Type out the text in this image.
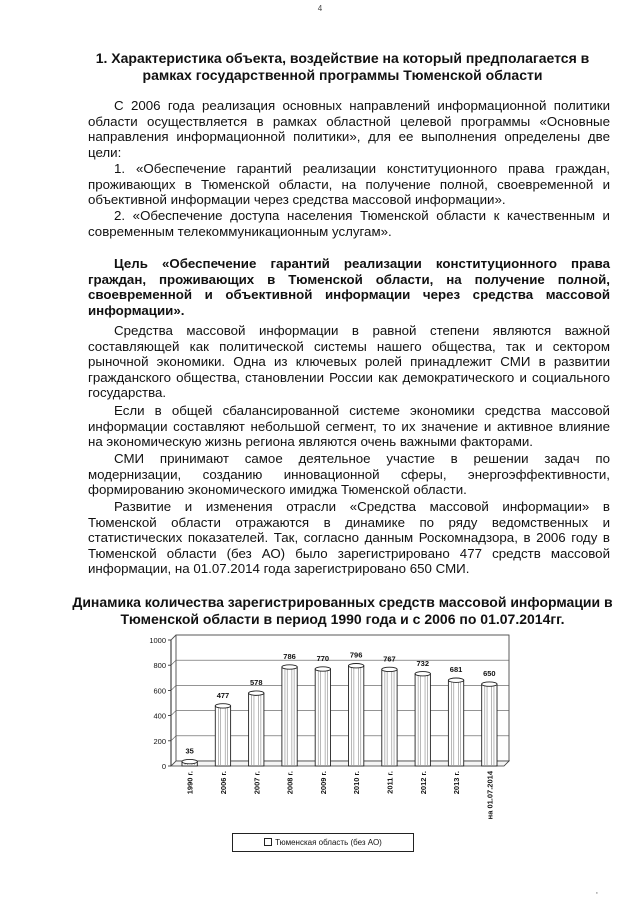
4
1. Характеристика объекта, воздействие на который предполагается в рамках государственной программы Тюменской области
С 2006 года реализация основных направлений информационной политики области осуществляется в рамках областной целевой программы «Основные направления информационной политики», для ее выполнения определены две цели:
1. «Обеспечение гарантий реализации конституционного права граждан, проживающих в Тюменской области, на получение полной, своевременной и объективной информации через средства массовой информации».
2. «Обеспечение доступа населения Тюменской области к качественным и современным телекоммуникационным услугам».
Цель «Обеспечение гарантий реализации конституционного права граждан, проживающих в Тюменской области, на получение полной, своевременной и объективной информации через средства массовой информации».
Средства массовой информации в равной степени являются важной составляющей как политической системы нашего общества, так и сектором рыночной экономики. Одна из ключевых ролей принадлежит СМИ в развитии гражданского общества, становлении России как демократического и социального государства.
Если в общей сбалансированной системе экономики средства массовой информации составляют небольшой сегмент, то их значение и активное влияние на экономическую жизнь региона являются очень важными факторами.
СМИ принимают самое деятельное участие в решении задач по модернизации, созданию инновационной сферы, энергоэффективности, формированию экономического имиджа Тюменской области.
Развитие и изменения отрасли «Средства массовой информации» в Тюменской области отражаются в динамике по ряду ведомственных и статистических показателей. Так, согласно данным Роскомнадзора, в 2006 году в Тюменской области (без АО) было зарегистрировано 477 средств массовой информации, на 01.07.2014 года зарегистрировано 650 СМИ.
Динамика количества зарегистрированных средств массовой информации в Тюменской области в период 1990 года и с 2006 по 01.07.2014гг.
0
200
400
600
800
1000
35
1990 г.
477
2006 г.
578
2007 г.
786
2008 г.
770
2009 г.
796
2010 г.
767
2011 г.
732
2012 г.
681
2013 г.
650
на 01.07.2014
Тюменская область (без АО)
‚
